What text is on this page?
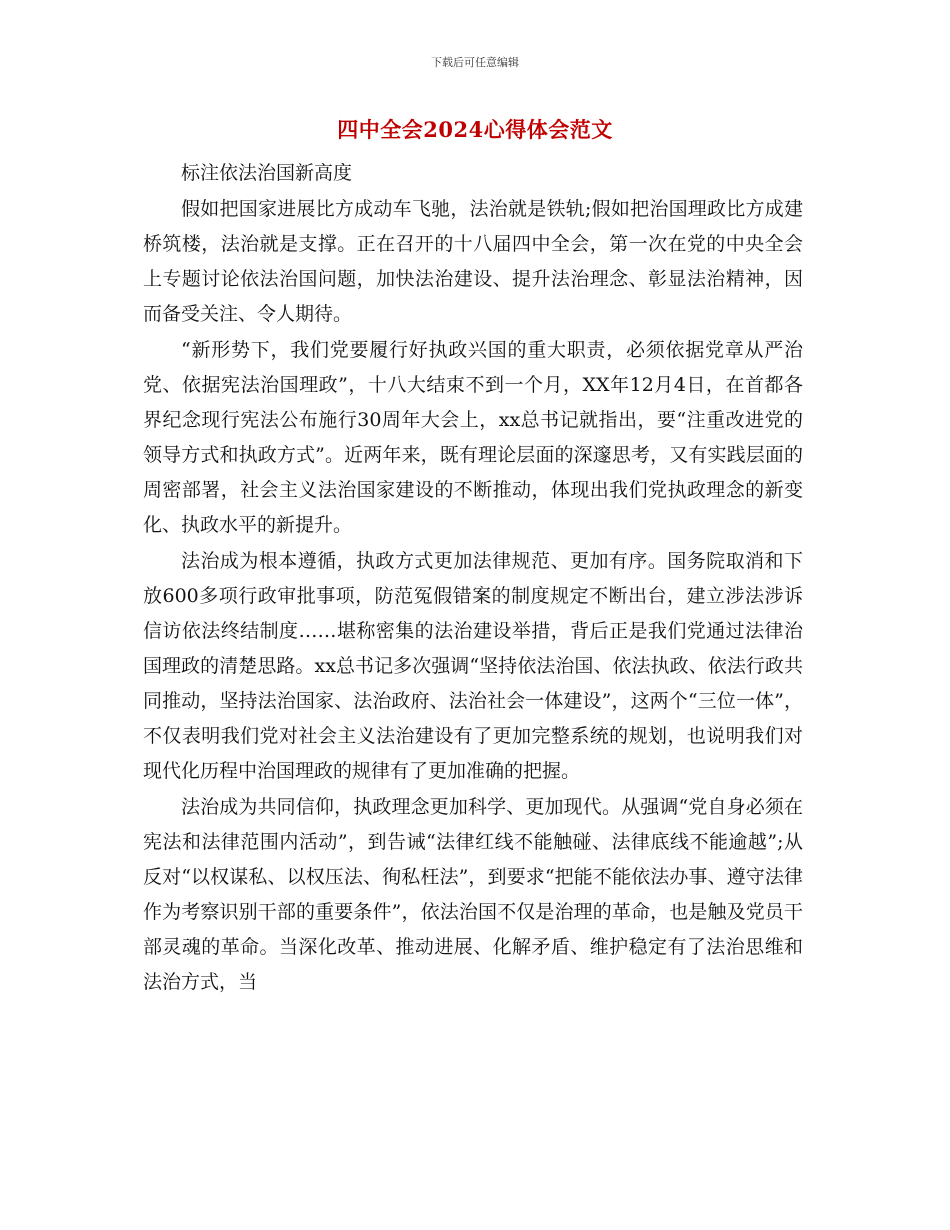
下载后可任意编辑
四中全会2024心得体会范文

标注依法治国新高度

假如把国家进展比方成动车飞驰，法治就是铁轨;假如把治国理政比方成建桥筑楼，法治就是支撑。正在召开的十八届四中全会，第一次在党的中央全会上专题讨论依法治国问题，加快法治建设、提升法治理念、彰显法治精神，因而备受关注、令人期待。

“新形势下，我们党要履行好执政兴国的重大职责，必须依据党章从严治党、依据宪法治国理政”，十八大结束不到一个月，XX年12月4日，在首都各界纪念现行宪法公布施行30周年大会上，xx总书记就指出，要“注重改进党的领导方式和执政方式”。近两年来，既有理论层面的深邃思考，又有实践层面的周密部署，社会主义法治国家建设的不断推动，体现出我们党执政理念的新变化、执政水平的新提升。

法治成为根本遵循，执政方式更加法律规范、更加有序。国务院取消和下放600多项行政审批事项，防范冤假错案的制度规定不断出台，建立涉法涉诉信访依法终结制度……堪称密集的法治建设举措，背后正是我们党通过法律治国理政的清楚思路。xx总书记多次强调“坚持依法治国、依法执政、依法行政共同推动，坚持法治国家、法治政府、法治社会一体建设”，这两个“三位一体”，不仅表明我们党对社会主义法治建设有了更加完整系统的规划，也说明我们对现代化历程中治国理政的规律有了更加准确的把握。

法治成为共同信仰，执政理念更加科学、更加现代。从强调“党自身必须在宪法和法律范围内活动”，到告诫“法律红线不能触碰、法律底线不能逾越”;从反对“以权谋私、以权压法、徇私枉法”，到要求“把能不能依法办事、遵守法律作为考察识别干部的重要条件”，依法治国不仅是治理的革命，也是触及党员干部灵魂的革命。当深化改革、推动进展、化解矛盾、维护稳定有了法治思维和法治方式，当
